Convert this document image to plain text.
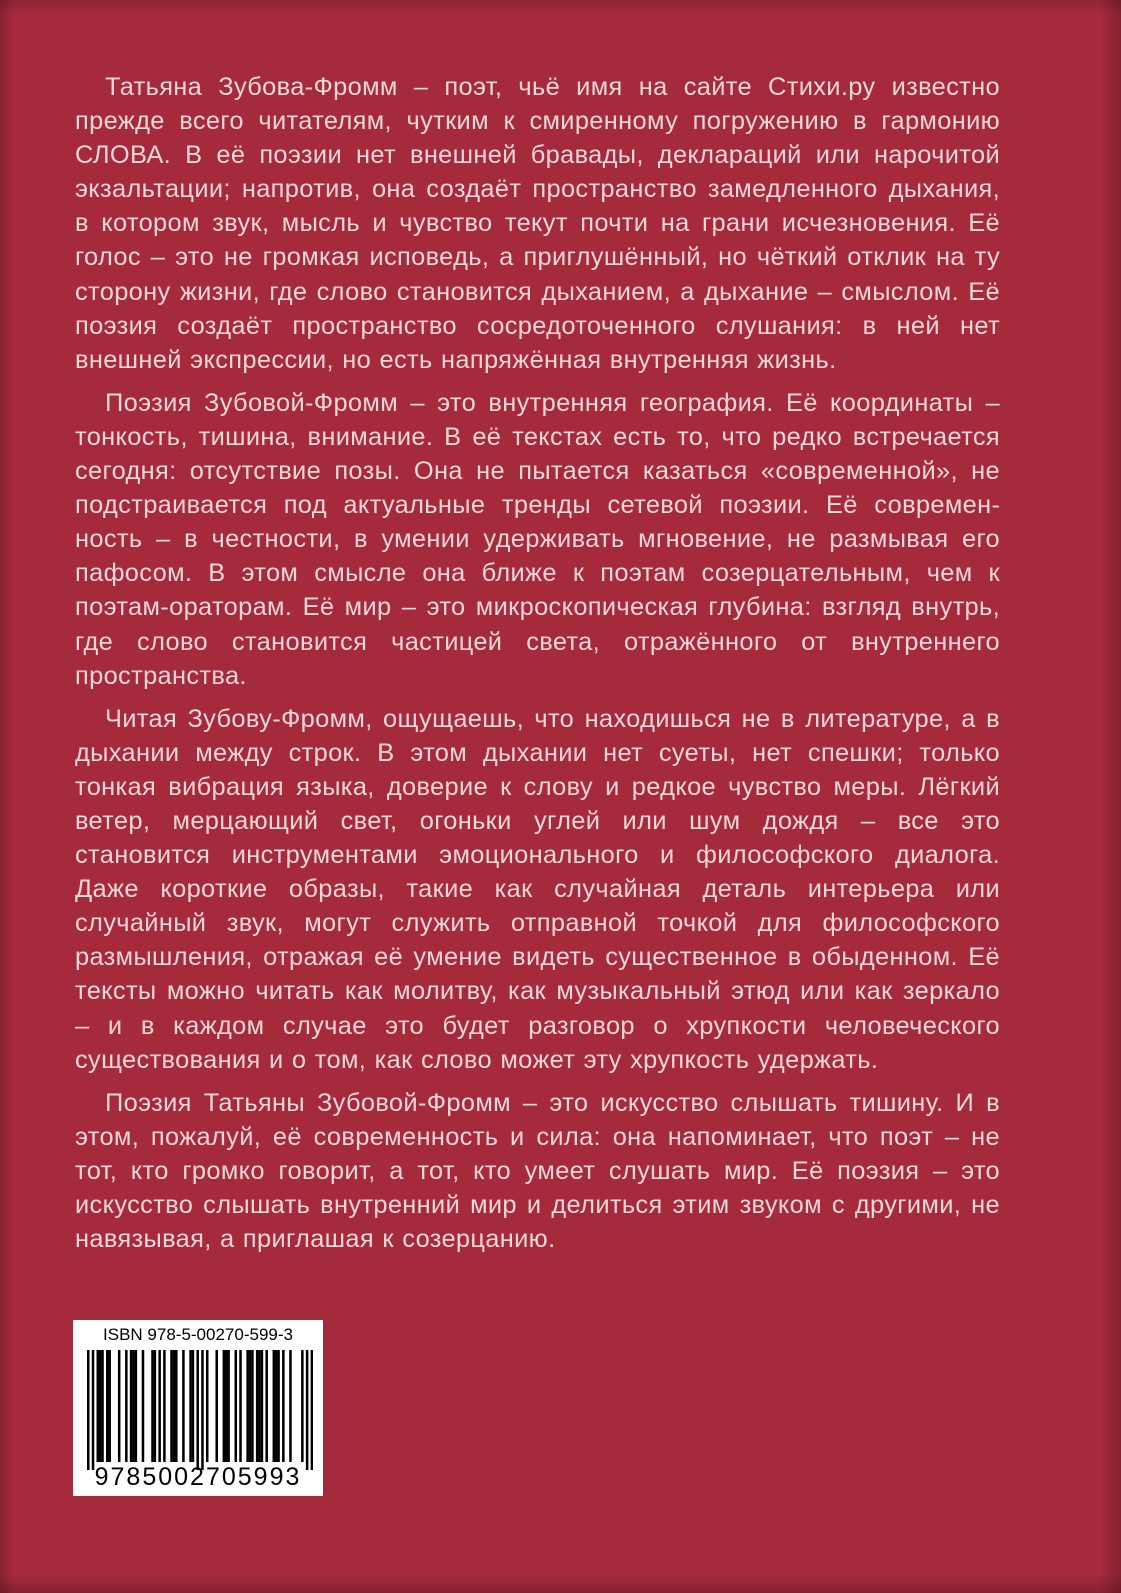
Татьяна Зубова-Фромм – поэт, чьё имя на сайте Стихи.ру известно прежде всего читателям, чутким к смиренному погружению в гармонию СЛОВА. В её поэзии нет внешней бравады, деклараций или нарочитой экзальтации; напротив, она создаёт пространство замедленного дыхания, в котором звук, мысль и чувство текут почти на грани исчезновения. Её голос – это не громкая исповедь, а приглушённый, но чёткий отклик на ту сторону жизни, где слово становится дыханием, а дыхание – смыслом. Её поэзия создаёт пространство сосредоточенного слушания: в ней нет внешней экспрессии, но есть напряжённая внутренняя жизнь.

Поэзия Зубовой-Фромм – это внутренняя география. Её координаты – тонкость, тишина, внимание. В её текстах есть то, что редко встречается сегодня: отсутствие позы. Она не пытается казаться «современной», не подстраивается под актуальные тренды сетевой поэзии. Её современность – в честности, в умении удерживать мгновение, не размывая его пафосом. В этом смысле она ближе к поэтам созерцательным, чем к поэтам-ораторам. Её мир – это микроскопическая глубина: взгляд внутрь, где слово становится частицей света, отражённого от внутреннего пространства.

Читая Зубову-Фромм, ощущаешь, что находишься не в литературе, а в дыхании между строк. В этом дыхании нет суеты, нет спешки; только тонкая вибрация языка, доверие к слову и редкое чувство меры. Лёгкий ветер, мерцающий свет, огоньки углей или шум дождя – все это становится инструментами эмоционального и философского диалога. Даже короткие образы, такие как случайная деталь интерьера или случайный звук, могут служить отправной точкой для философского размышления, отражая её умение видеть существенное в обыденном. Её тексты можно читать как молитву, как музыкальный этюд или как зеркало – и в каждом случае это будет разговор о хрупкости человеческого существования и о том, как слово может эту хрупкость удержать.

Поэзия Татьяны Зубовой-Фромм – это искусство слышать тишину. И в этом, пожалуй, её современность и сила: она напоминает, что поэт – не тот, кто громко говорит, а тот, кто умеет слушать мир. Её поэзия – это искусство слышать внутренний мир и делиться этим звуком с другими, не навязывая, а приглашая к созерцанию.

ISBN 978-5-00270-599-3
9785002705993
